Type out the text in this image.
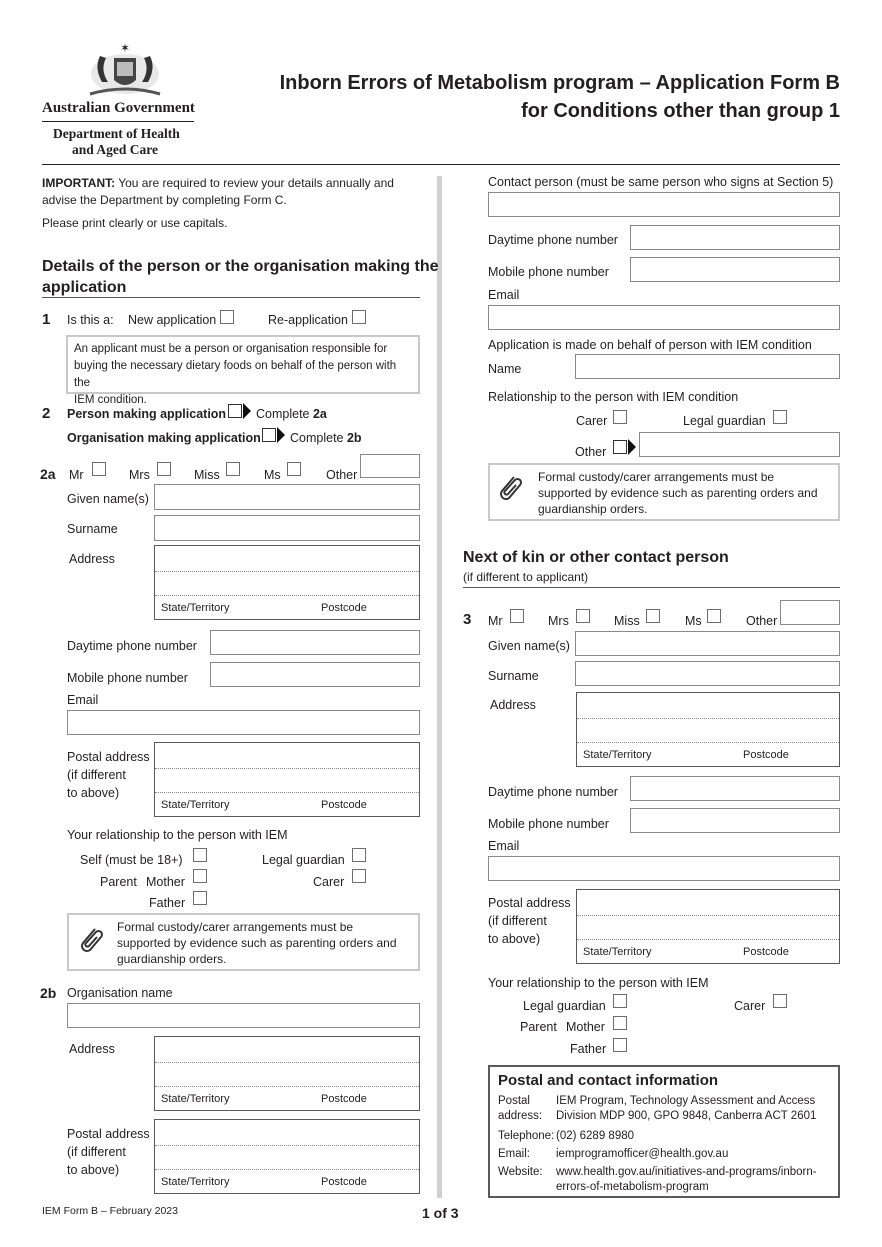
✶
Australian Government
Department of Health
and Aged Care
Inborn Errors of Metabolism program – Application Form B
for Conditions other than group 1
IMPORTANT: You are required to review your details annually and
advise the Department by completing Form C.
Please print clearly or use capitals.
Details of the person or the organisation making the
application
1 Is this a: New application	Re-application
An applicant must be a person or organisation responsible for
buying the necessary dietary foods on behalf of the person with the
IEM condition.
2 Person making application Complete 2a
Organisation making application Complete 2b
2a Mr	Mrs	Miss	Ms	Other
Given name(s)
Surname
Address
State/Territory	Postcode
Daytime phone number
Mobile phone number
Email
Postal address
(if different
to above)
State/Territory	Postcode
Your relationship to the person with IEM
Self (must be 18+)	Legal guardian
Parent Mother	Carer
Father
Formal custody/carer arrangements must be
supported by evidence such as parenting orders and
guardianship orders.
2b Organisation name
Address
State/Territory	Postcode
Postal address
(if different
to above)
State/Territory	Postcode
Contact person (must be same person who signs at Section 5)
Daytime phone number
Mobile phone number
Email
Application is made on behalf of person with IEM condition
Name
Relationship to the person with IEM condition
Carer	Legal guardian
Other
Formal custody/carer arrangements must be
supported by evidence such as parenting orders and
guardianship orders.
Next of kin or other contact person
(if different to applicant)
3 Mr	Mrs	Miss	Ms	Other
Given name(s)
Surname
Address
State/Territory	Postcode
Daytime phone number
Mobile phone number
Email
Postal address
(if different
to above)
State/Territory	Postcode
Your relationship to the person with IEM
Legal guardian	Carer
Parent Mother
Father
Postal and contact information
Postal
address:
IEM Program, Technology Assessment and Access
Division MDP 900, GPO 9848, Canberra ACT 2601
Telephone: (02) 6289 8980
Email: iemprogramofficer@health.gov.au
Website: www.health.gov.au/initiatives-and-programs/inborn-
errors-of-metabolism-program
IEM Form B – February 2023	1 of 3
